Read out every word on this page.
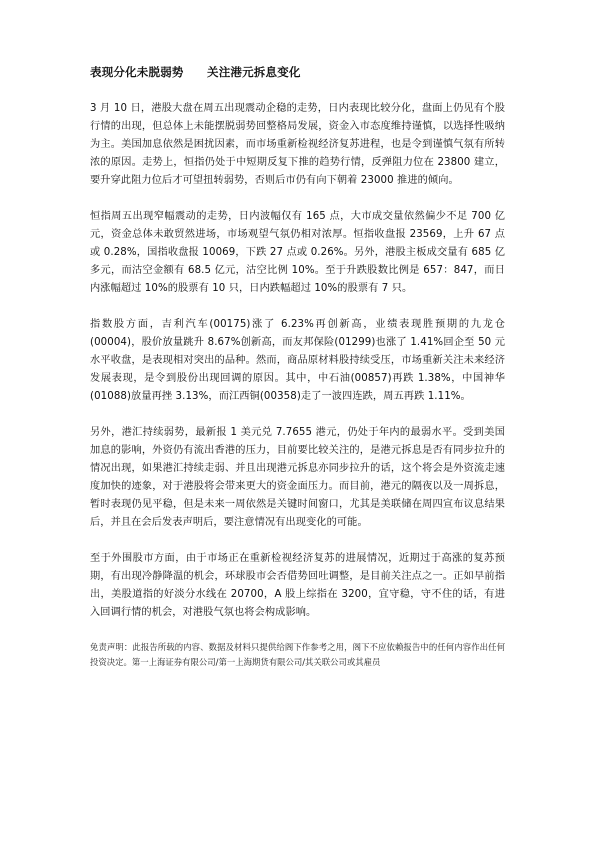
表现分化未脱弱势　　关注港元拆息变化

3 月 10 日，港股大盘在周五出现震动企稳的走势，日内表现比较分化，盘面上仍见有个股行情的出现，但总体上未能摆脱弱势回整格局发展，资金入市态度维持谨慎，以选择性吸纳为主。美国加息依然是困扰因素，而市场重新检视经济复苏进程，也是令到谨慎气氛有所转浓的原因。走势上，恒指仍处于中短期反复下推的趋势行情，反弹阻力位在 23800 建立，要升穿此阻力位后才可望扭转弱势，否则后市仍有向下朝着 23000 推进的倾向。

恒指周五出现窄幅震动的走势，日内波幅仅有 165 点，大市成交量依然偏少不足 700 亿元，资金总体未敢贸然进场，市场观望气氛仍相对浓厚。恒指收盘报 23569，上升 67 点或 0.28%，国指收盘报 10069，下跌 27 点或 0.26%。另外，港股主板成交量有 685 亿多元，而沽空金额有 68.5 亿元，沽空比例 10%。至于升跌股数比例是 657：847，而日内涨幅超过 10%的股票有 10 只，日内跌幅超过 10%的股票有 7 只。

指数股方面，吉利汽车(00175)涨了 6.23%再创新高，业绩表现胜预期的九龙仓(00004)，股价放量跳升 8.67%创新高，而友邦保险(01299)也涨了 1.41%回企至 50 元水平收盘，是表现相对突出的品种。然而，商品原材料股持续受压，市场重新关注未来经济发展表现，是令到股份出现回调的原因。其中，中石油(00857)再跌 1.38%，中国神华(01088)放量再挫 3.13%，而江西铜(00358)走了一波四连跌，周五再跌 1.11%。

另外，港汇持续弱势，最新报 1 美元兑 7.7655 港元，仍处于年内的最弱水平。受到美国加息的影响，外资仍有流出香港的压力，目前要比较关注的，是港元拆息是否有同步拉升的情况出现，如果港汇持续走弱、并且出现港元拆息亦同步拉升的话，这个将会是外资流走速度加快的迹象，对于港股将会带来更大的资金面压力。而目前，港元的隔夜以及一周拆息，暂时表现仍见平稳，但是未来一周依然是关键时间窗口，尤其是美联储在周四宣布议息结果后，并且在会后发表声明后，要注意情况有出现变化的可能。

至于外围股市方面，由于市场正在重新检视经济复苏的进展情况，近期过于高涨的复苏预期，有出现冷静降温的机会，环球股市会否借势回吐调整，是目前关注点之一。正如早前指出，美股道指的好淡分水线在 20700，A 股上综指在 3200，宜守稳，守不住的话，有进入回调行情的机会，对港股气氛也将会构成影响。

免责声明：此报告所载的内容、数据及材料只提供给阁下作参考之用，阁下不应依赖报告中的任何内容作出任何投资决定。第一上海证券有限公司/第一上海期货有限公司/其关联公司或其雇员
